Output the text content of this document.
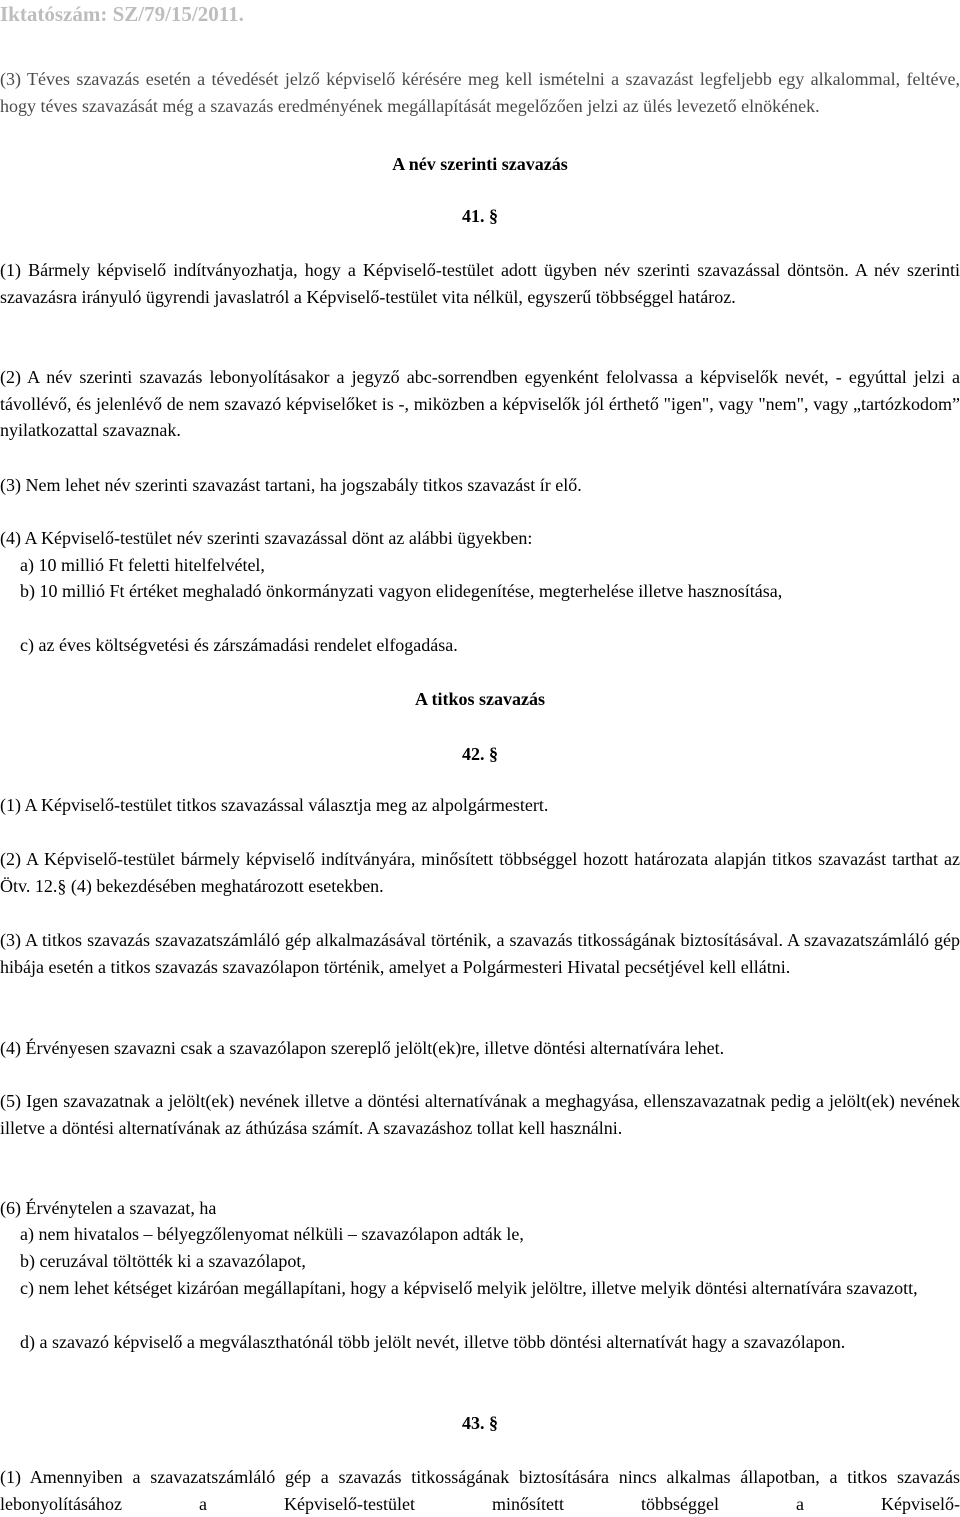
Iktatószám: SZ/79/15/2011.
(3) Téves szavazás esetén a tévedését jelző képviselő kérésére meg kell ismételni a szavazást legfeljebb egy alkalommal, feltéve, hogy téves szavazását még a szavazás eredményének megállapítását megelőzően jelzi az ülés levezető elnökének.
A név szerinti szavazás
41. §
(1) Bármely képviselő indítványozhatja, hogy a Képviselő-testület adott ügyben név szerinti szavazással döntsön. A név szerinti szavazásra irányuló ügyrendi javaslatról a Képviselő-testület vita nélkül, egyszerű többséggel határoz.
(2) A név szerinti szavazás lebonyolításakor a jegyző abc-sorrendben egyenként felolvassa a képviselők nevét, - egyúttal jelzi a távollévő, és jelenlévő de nem szavazó képviselőket is -, miközben a képviselők jól érthető "igen", vagy "nem", vagy „tartózkodom” nyilatkozattal szavaznak.
(3) Nem lehet név szerinti szavazást tartani, ha jogszabály titkos szavazást ír elő.
(4) A Képviselő-testület név szerinti szavazással dönt az alábbi ügyekben:
a) 10 millió Ft feletti hitelfelvétel,
b) 10 millió Ft értéket meghaladó önkormányzati vagyon elidegenítése, megterhelése illetve hasznosítása,
c) az éves költségvetési és zárszámadási rendelet elfogadása.
A titkos szavazás
42. §
(1) A Képviselő-testület titkos szavazással választja meg az alpolgármestert.
(2) A Képviselő-testület bármely képviselő indítványára, minősített többséggel hozott határozata alapján titkos szavazást tarthat az Ötv. 12.§ (4) bekezdésében meghatározott esetekben.
(3) A titkos szavazás szavazatszámláló gép alkalmazásával történik, a szavazás titkosságának biztosításával. A szavazatszámláló gép hibája esetén a titkos szavazás szavazólapon történik, amelyet a Polgármesteri Hivatal pecsétjével kell ellátni.
(4) Érvényesen szavazni csak a szavazólapon szereplő jelölt(ek)re, illetve döntési alternatívára lehet.
(5) Igen szavazatnak a jelölt(ek) nevének illetve a döntési alternatívának a meghagyása, ellenszavazatnak pedig a jelölt(ek) nevének illetve a döntési alternatívának az áthúzása számít. A szavazáshoz tollat kell használni.
(6) Érvénytelen a szavazat, ha
a) nem hivatalos – bélyegzőlenyomat nélküli – szavazólapon adták le,
b) ceruzával töltötték ki a szavazólapot,
c) nem lehet kétséget kizáróan megállapítani, hogy a képviselő melyik jelöltre, illetve melyik döntési alternatívára szavazott,
d) a szavazó képviselő a megválaszthatónál több jelölt nevét, illetve több döntési alternatívát hagy a szavazólapon.
43. §
(1) Amennyiben a szavazatszámláló gép a szavazás titkosságának biztosítására nincs alkalmas állapotban, a titkos szavazás lebonyolításához a Képviselő-testület minősített többséggel a Képviselő-
